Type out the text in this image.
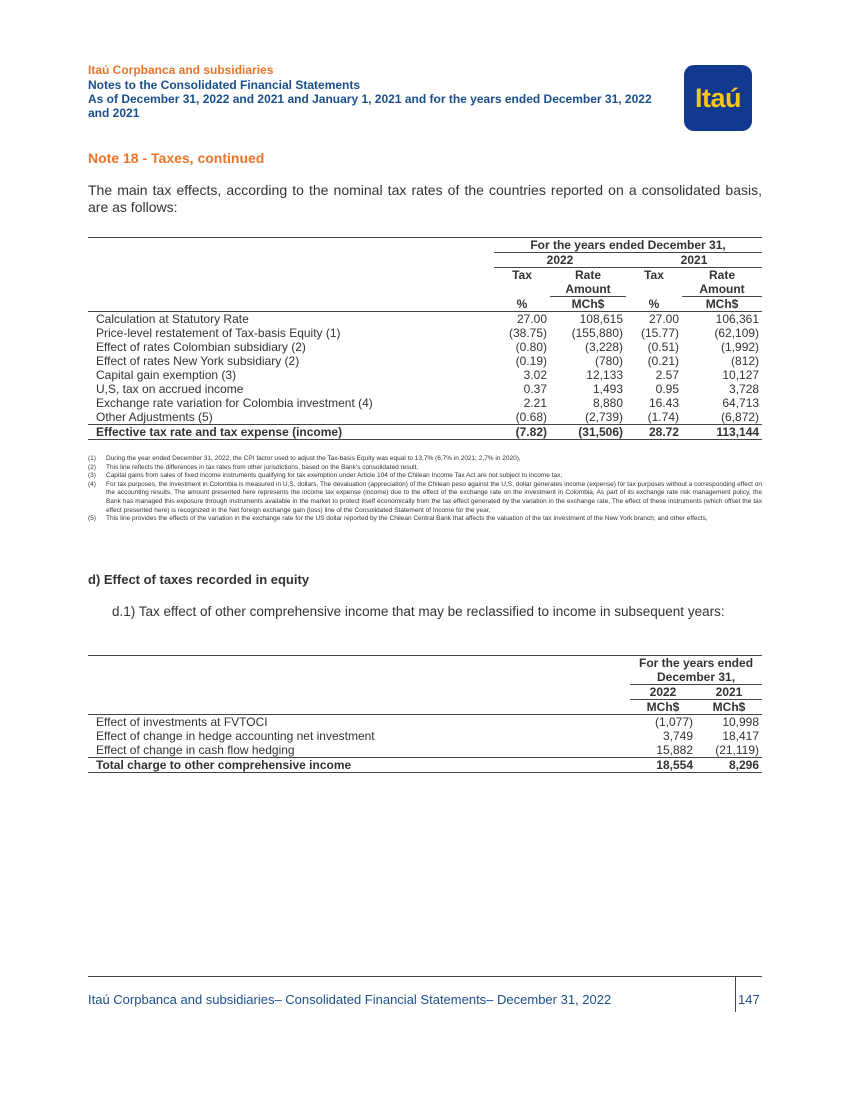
Itaú Corpbanca and subsidiaries
Notes to the Consolidated Financial Statements
As of December 31, 2022 and 2021 and January 1, 2021 and for the years ended December 31, 2022
and 2021
Itaú
Note 18 - Taxes, continued
The main tax effects, according to the nominal tax rates of the countries reported on a consolidated basis, are as follows:
	For the years ended December 31,			
	2022		2021	
	Tax	Rate	Tax	Rate
		Amount		Amount
	%	MCh$	%	MCh$
Calculation at Statutory Rate	27.00	108,615	27.00	106,361
Price-level restatement of Tax-basis Equity (1)	(38.75)	(155,880)	(15.77)	(62,109)
Effect of rates Colombian subsidiary (2)	(0.80)	(3,228)	(0.51)	(1,992)
Effect of rates New York subsidiary (2)	(0.19)	(780)	(0.21)	(812)
Capital gain exemption (3)	3.02	12,133	2.57	10,127
U,S, tax on accrued income	0.37	1,493	0.95	3,728
Exchange rate variation for Colombia investment (4)	2.21	8,880	16.43	64,713
Other Adjustments (5)	(0.68)	(2,739)	(1.74)	(6,872)
Effective tax rate and tax expense (income)	(7.82)	(31,506)	28.72	113,144
(1)	During the year ended December 31, 2022, the CPI factor used to adjust the Tax-basis Equity was equal to 13,7% (6,7% in 2021; 2,7% in 2020),
(2)	This line reflects the differences in tax rates from other jurisdictions, based on the Bank's consolidated result,
(3)	Capital gains from sales of fixed income instruments qualifying for tax exemption under Article 104 of the Chilean Income Tax Act are not subject to income tax,
(4)	For tax purposes, the investment in Colombia is measured in U,S, dollars, The devaluation (appreciation) of the Chilean peso against the U,S, dollar generates income (expense) for tax purposes without a corresponding effect on the accounting results, The amount presented here represents the income tax expense (income) due to the effect of the exchange rate on the investment in Colombia, As part of its exchange rate risk management policy, the Bank has managed this exposure through instruments available in the market to protect itself economically from the tax effect generated by the variation in the exchange rate, The effect of these instruments (which offset the tax effect presented here) is recognized in the Net foreign exchange gain (loss) line of the Consolidated Statement of Income for the year,
(5)	This line provides the effects of the variation in the exchange rate for the US dollar reported by the Chilean Central Bank that affects the valuation of the tax investment of the New York branch; and other effects,
d) Effect of taxes recorded in equity
d.1) Tax effect of other comprehensive income that may be reclassified to income in subsequent years:
	For the years ended	
	December 31,	
	2022	2021
	MCh$	MCh$
Effect of investments at FVTOCI	(1,077)	10,998
Effect of change in hedge accounting net investment	3,749	18,417
Effect of change in cash flow hedging	15,882	(21,119)
Total charge to other comprehensive income	18,554	8,296
Itaú Corpbanca and subsidiaries– Consolidated Financial Statements– December 31, 2022	147
